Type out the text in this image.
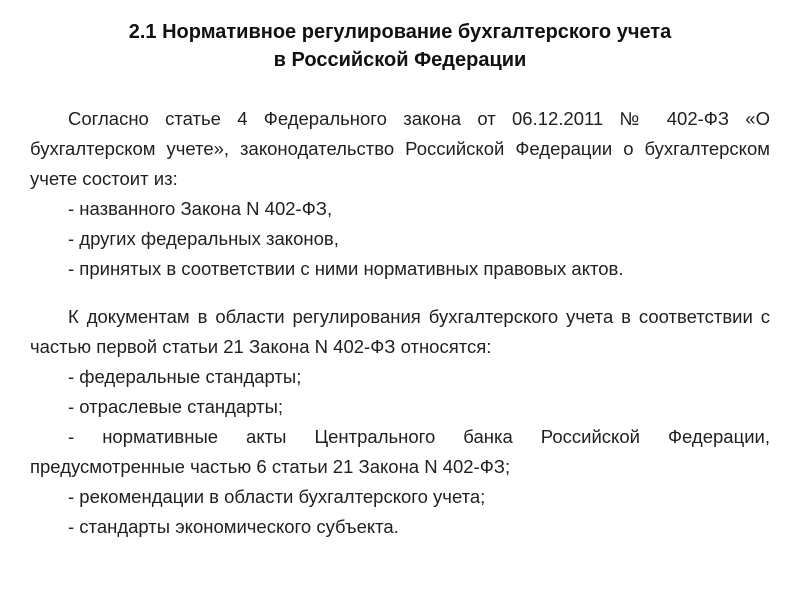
2.1 Нормативное регулирование бухгалтерского учета
в Российской Федерации

Согласно статье 4 Федерального закона от 06.12.2011 № 402-ФЗ «О бухгалтерском учете», законодательство Российской Федерации о бухгалтерском учете состоит из:

- названного Закона N 402-ФЗ,
- других федеральных законов,
- принятых в соответствии с ними нормативных правовых актов.

К документам в области регулирования бухгалтерского учета в соответствии с частью первой статьи 21 Закона N 402-ФЗ относятся:

- федеральные стандарты;
- отраслевые стандарты;
- нормативные акты Центрального банка Российской Федерации, предусмотренные частью 6 статьи 21 Закона N 402-ФЗ;
- рекомендации в области бухгалтерского учета;
- стандарты экономического субъекта.
